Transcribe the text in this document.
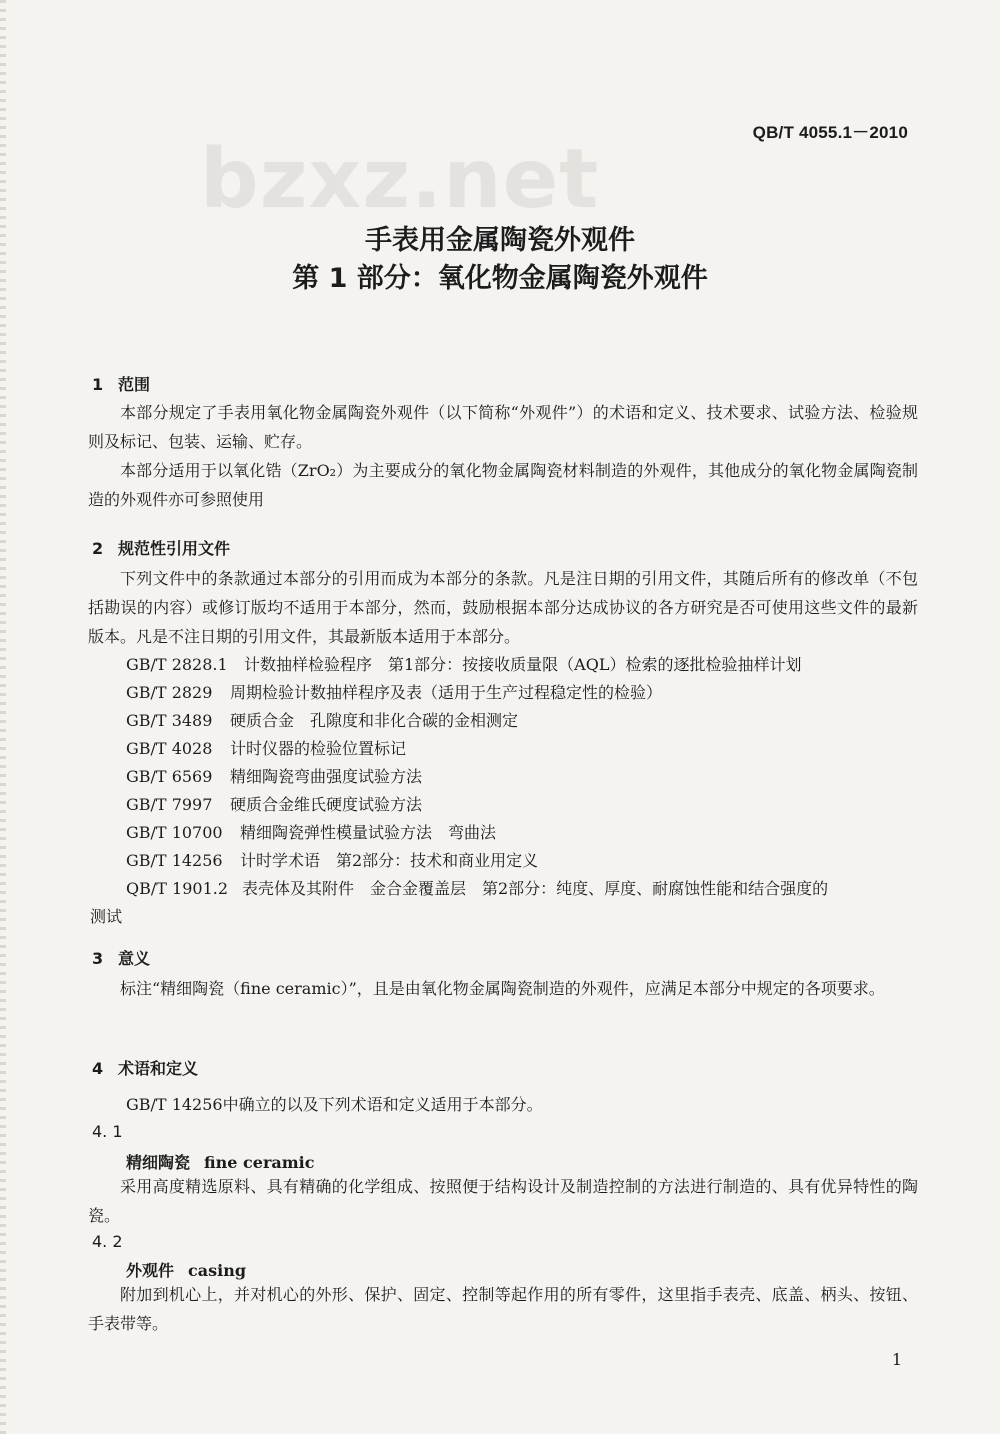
QB/T 4055.1－2010
bzxz.net
手表用金属陶瓷外观件
第 1 部分：氧化物金属陶瓷外观件
1 范围
本部分规定了手表用氧化物金属陶瓷外观件（以下简称“外观件”）的术语和定义、技术要求、试验方法、检验规则及标记、包装、运输、贮存。
本部分适用于以氧化锆（ZrO₂）为主要成分的氧化物金属陶瓷材料制造的外观件，其他成分的氧化物金属陶瓷制造的外观件亦可参照使用
2 规范性引用文件
下列文件中的条款通过本部分的引用而成为本部分的条款。凡是注日期的引用文件，其随后所有的修改单（不包括勘误的内容）或修订版均不适用于本部分，然而，鼓励根据本部分达成协议的各方研究是否可使用这些文件的最新版本。凡是不注日期的引用文件，其最新版本适用于本部分。
GB/T 2828.1 计数抽样检验程序　第1部分：按接收质量限（AQL）检索的逐批检验抽样计划
GB/T 2829 周期检验计数抽样程序及表（适用于生产过程稳定性的检验）
GB/T 3489 硬质合金　孔隙度和非化合碳的金相测定
GB/T 4028 计时仪器的检验位置标记
GB/T 6569 精细陶瓷弯曲强度试验方法
GB/T 7997 硬质合金维氏硬度试验方法
GB/T 10700 精细陶瓷弹性模量试验方法　弯曲法
GB/T 14256 计时学术语　第2部分：技术和商业用定义
QB/T 1901.2 表壳体及其附件　金合金覆盖层　第2部分：纯度、厚度、耐腐蚀性能和结合强度的
测试
3 意义
标注“精细陶瓷（fine ceramic）”，且是由氧化物金属陶瓷制造的外观件，应满足本部分中规定的各项要求。
4 术语和定义
GB/T 14256中确立的以及下列术语和定义适用于本部分。
4. 1
精细陶瓷 fine ceramic
采用高度精选原料、具有精确的化学组成、按照便于结构设计及制造控制的方法进行制造的、具有优异特性的陶瓷。
4. 2
外观件 casing
附加到机心上，并对机心的外形、保护、固定、控制等起作用的所有零件，这里指手表壳、底盖、柄头、按钮、手表带等。
1
